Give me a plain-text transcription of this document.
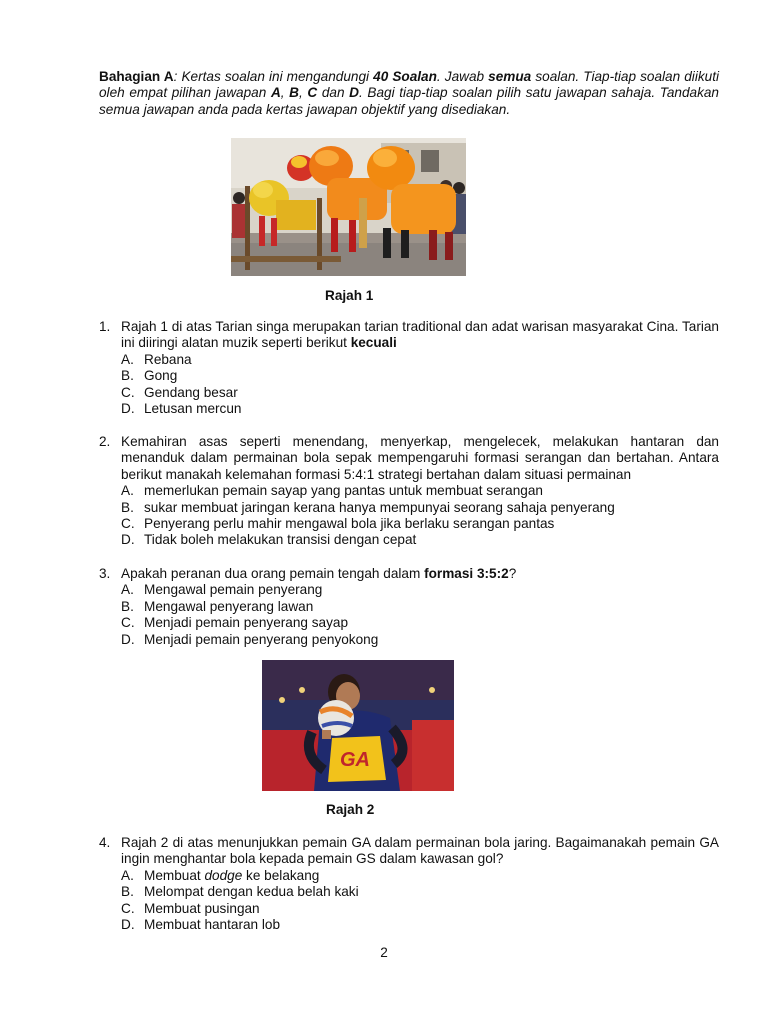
Bahagian A: Kertas soalan ini mengandungi 40 Soalan. Jawab semua soalan. Tiap-tiap soalan diikuti oleh empat pilihan jawapan A, B, C dan D. Bagi tiap-tiap soalan pilih satu jawapan sahaja. Tandakan semua jawapan anda pada kertas jawapan objektif yang disediakan.
Rajah 1
1. Rajah 1 di atas Tarian singa merupakan tarian traditional dan adat warisan masyarakat Cina. Tarian ini diiringi alatan muzik seperti berikut kecuali
A. Rebana
B. Gong
C. Gendang besar
D. Letusan mercun
2. Kemahiran asas seperti menendang, menyerkap, mengelecek, melakukan hantaran dan menanduk dalam permainan bola sepak mempengaruhi formasi serangan dan bertahan. Antara berikut manakah kelemahan formasi 5:4:1 strategi bertahan dalam situasi permainan
A. memerlukan pemain sayap yang pantas untuk membuat serangan
B. sukar membuat jaringan kerana hanya mempunyai seorang sahaja penyerang
C. Penyerang perlu mahir mengawal bola jika berlaku serangan pantas
D. Tidak boleh melakukan transisi dengan cepat
3. Apakah peranan dua orang pemain tengah dalam formasi 3:5:2?
A. Mengawal pemain penyerang
B. Mengawal penyerang lawan
C. Menjadi pemain penyerang sayap
D. Menjadi pemain penyerang penyokong
GA
Rajah 2
4. Rajah 2 di atas menunjukkan pemain GA dalam permainan bola jaring. Bagaimanakah pemain GA ingin menghantar bola kepada pemain GS dalam kawasan gol?
A. Membuat dodge ke belakang
B. Melompat dengan kedua belah kaki
C. Membuat pusingan
D. Membuat hantaran lob
2
